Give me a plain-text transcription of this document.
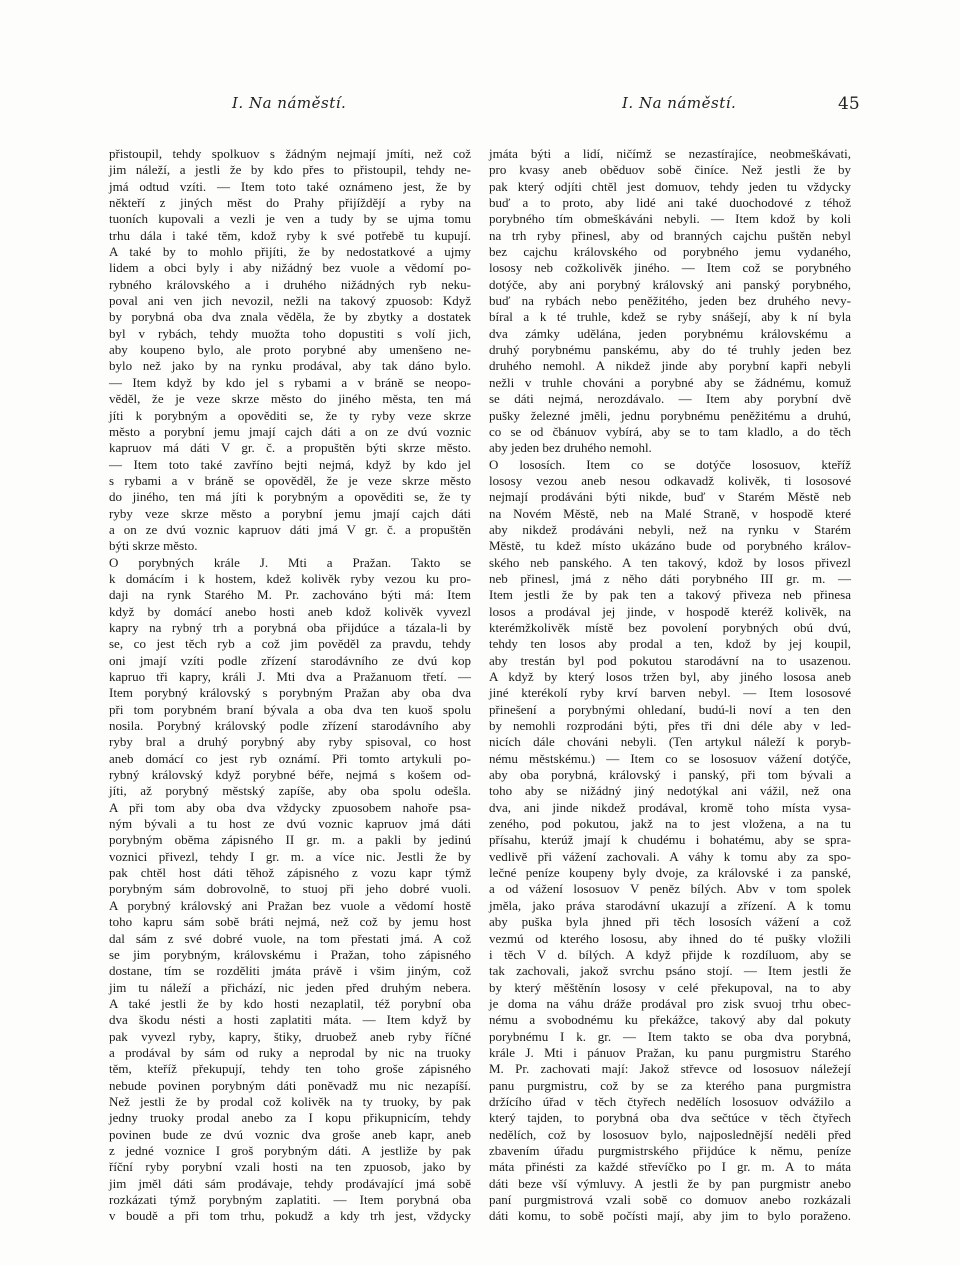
I. Na náměstí.	I. Na náměstí.	45
přistoupil, tehdy spolkuov s žádným nejmají jmíti, než což
jim náleží, a jestli že by kdo přes to přistoupil, tehdy ne-
jmá odtud vzíti. — Item toto také oznámeno jest, že by
někteří z jiných měst do Prahy přijíždějí a ryby na
tuoních kupovali a vezli je ven a tudy by se ujma tomu
trhu dála i také těm, kdož ryby k své potřebě tu kupují.
A také by to mohlo přijíti, že by nedostatkové a ujmy
lidem a obci byly i aby nižádný bez vuole a vědomí po-
rybného královského a i druhého nižádných ryb neku-
poval ani ven jich nevozil, nežli na takový zpuosob: Když
by porybná oba dva znala věděla, že by zbytky a dostatek
byl v rybách, tehdy muožta toho dopustiti s volí jich,
aby koupeno bylo, ale proto porybné aby umenšeno ne-
bylo než jako by na rynku prodával, aby tak dáno bylo.
— Item když by kdo jel s rybami a v bráně se neopo-
věděl, že je veze skrze město do jiného města, ten má
jíti k porybným a opověditi se, že ty ryby veze skrze
město a porybní jemu jmají cajch dáti a on ze dvú voznic
kapruov má dáti V gr. č. a propuštěn býti skrze město.
— Item toto také zavříno bejti nejmá, když by kdo jel
s rybami a v bráně se opověděl, že je veze skrze město
do jiného, ten má jíti k porybným a opověditi se, že ty
ryby veze skrze město a porybní jemu jmají cajch dáti
a on ze dvú voznic kapruov dáti jmá V gr. č. a propuštěn
býti skrze město.
O porybných krále J. Mti a Pražan. Takto se
k domácím i k hostem, kdež kolivěk ryby vezou ku pro-
daji na rynk Starého M. Pr. zachováno býti má: Item
když by domácí anebo hosti aneb kdož kolivěk vyvezl
kapry na rybný trh a porybná oba přijdúce a tázala-li by
se, co jest těch ryb a což jim pověděl za pravdu, tehdy
oni jmají vzíti podle zřízení starodávního ze dvú kop
kapruo tři kapry, králi J. Mti dva a Pražanuom třetí. —
Item porybný královský s porybným Pražan aby oba dva
při tom porybném braní bývala a oba dva ten kuoš spolu
nosila. Porybný královský podle zřízení starodávního aby
ryby bral a druhý porybný aby ryby spisoval, co host
aneb domácí co jest ryb oznámí. Při tomto artykuli po-
rybný královský když porybné béře, nejmá s košem od-
jíti, až porybný městský zapíše, aby oba spolu odešla.
A při tom aby oba dva vždycky zpuosobem nahoře psa-
ným bývali a tu host ze dvú voznic kapruov jmá dáti
porybným oběma zápisného II gr. m. a pakli by jedinú
voznici přivezl, tehdy I gr. m. a více nic. Jestli že by
pak chtěl host dáti těhož zápisného z vozu kapr týmž
porybným sám dobrovolně, to stuoj při jeho dobré vuoli.
A porybný královský ani Pražan bez vuole a vědomí hostě
toho kapru sám sobě bráti nejmá, než což by jemu host
dal sám z své dobré vuole, na tom přestati jmá. A což
se jim porybným, královskému i Pražan, toho zápisného
dostane, tím se rozděliti jmáta právě i všim jiným, což
jim tu náleží a přichází, nic jeden před druhým nebera.
A také jestli že by kdo hosti nezaplatil, též porybní oba
dva škodu nésti a hosti zaplatiti máta. — Item když by
pak vyvezl ryby, kapry, štiky, druobež aneb ryby říčné
a prodával by sám od ruky a neprodal by nic na truoky
těm, kteříž překupují, tehdy ten toho groše zápisného
nebude povinen porybným dáti poněvadž mu nic nezapíší.
Než jestli že by prodal což kolivěk na ty truoky, by pak
jedny truoky prodal anebo za I kopu přikupnicím, tehdy
povinen bude ze dvú voznic dva groše aneb kapr, aneb
z jedné voznice I groš porybným dáti. A jestliže by pak
říční ryby porybní vzali hosti na ten zpuosob, jako by
jim jměl dáti sám prodávaje, tehdy prodávající jmá sobě
rozkázati týmž porybným zaplatiti. — Item porybná oba
v boudě a při tom trhu, pokudž a kdy trh jest, vždycky
jmáta býti a lidí, ničímž se nezastírajíce, neobmeškávati,
pro kvasy aneb oběduov sobě činíce. Než jestli že by
pak který odjíti chtěl jest domuov, tehdy jeden tu vždycky
buď a to proto, aby lidé ani také duochodové z téhož
porybného tím obmeškáváni nebyli. — Item kdož by koli
na trh ryby přinesl, aby od branných cajchu puštěn nebyl
bez cajchu královského od porybného jemu vydaného,
lososy neb cožkolivěk jiného. — Item což se porybného
dotýče, aby ani porybný královský ani panský porybného,
buď na rybách nebo peněžitého, jeden bez druhého nevy-
bíral a k té truhle, kdež se ryby snášejí, aby k ní byla
dva zámky udělána, jeden porybnému královskému a
druhý porybnému panskému, aby do té truhly jeden bez
druhého nemohl. A nikdež jinde aby porybní kapři nebyli
nežli v truhle chováni a porybné aby se žádnému, komuž
se dáti nejmá, nerozdávalo. — Item aby porybní dvě
pušky železné jměli, jednu porybnému peněžitému a druhú,
co se od čbánuov vybírá, aby se to tam kladlo, a do těch
aby jeden bez druhého nemohl.
O lososích. Item co se dotýče lososuov, kteříž
lososy vezou aneb nesou odkavadž kolivěk, ti lososové
nejmají prodáváni býti nikde, buď v Starém Městě neb
na Novém Městě, neb na Malé Straně, v hospodě které
aby nikdež prodáváni nebyli, než na rynku v Starém
Městě, tu kdež místo ukázáno bude od porybného králov-
ského neb panského. A ten takový, kdož by losos přivezl
neb přinesl, jmá z něho dáti porybného III gr. m. —
Item jestli že by pak ten a takový přiveza neb přinesa
losos a prodával jej jinde, v hospodě kteréž kolivěk, na
kterémžkolivěk místě bez povolení porybných obú dvú,
tehdy ten losos aby prodal a ten, kdož by jej koupil,
aby trestán byl pod pokutou starodávní na to usazenou.
A když by který losos tržen byl, aby jiného lososa aneb
jiné kterékolí ryby krví barven nebyl. — Item lososové
přinešení a porybnými ohledaní, budú-li noví a ten den
by nemohli rozprodáni býti, přes tři dni déle aby v led-
nicích dále chováni nebyli. (Ten artykul náleží k poryb-
nému městskému.) — Item co se lososuov vážení dotýče,
aby oba porybná, královský i panský, při tom bývali a
toho aby se nižádný jiný nedotýkal ani vážil, než ona
dva, ani jinde nikdež prodával, kromě toho místa vysa-
zeného, pod pokutou, jakž na to jest vložena, a na tu
přísahu, kterúž jmají k chudému i bohatému, aby se spra-
vedlivě při vážení zachovali. A váhy k tomu aby za spo-
lečné peníze koupeny byly dvoje, za královské i za panské,
a od vážení lososuov V peněz bílých. Abv v tom spolek
jměla, jako práva starodávní ukazují a zřízení. A k tomu
aby puška byla jhned při těch lososích vážení a což
vezmú od kterého lososu, aby ihned do té pušky vložili
i těch V d. bílých. A když přijde k rozdíluom, aby se
tak zachovali, jakož svrchu psáno stojí. — Item jestli že
by který měštěnín lososy v celé překupoval, na to aby
je doma na váhu dráže prodával pro zisk svuoj trhu obec-
nému a svobodnému ku překážce, takový aby dal pokuty
porybnému I k. gr. — Item takto se oba dva porybná,
krále J. Mti i pánuov Pražan, ku panu purgmistru Starého
M. Pr. zachovati mají: Jakož střevce od lososuov náležejí
panu purgmistru, což by se za kterého pana purgmistra
držícího úřad v těch čtyřech nedělích lososuov odvážilo a
který tajden, to porybná oba dva sečtúce v těch čtyřech
nedělích, což by lososuov bylo, najposlednější neděli před
zbavením úřadu purgmistrského přijdúce k němu, peníze
máta přinésti za každé střevíčko po I gr. m. A to máta
dáti beze vší výmluvy. A jestli že by pan purgmistr anebo
paní purgmistrová vzali sobě co domuov anebo rozkázali
dáti komu, to sobě počísti mají, aby jim to bylo poraženo.
